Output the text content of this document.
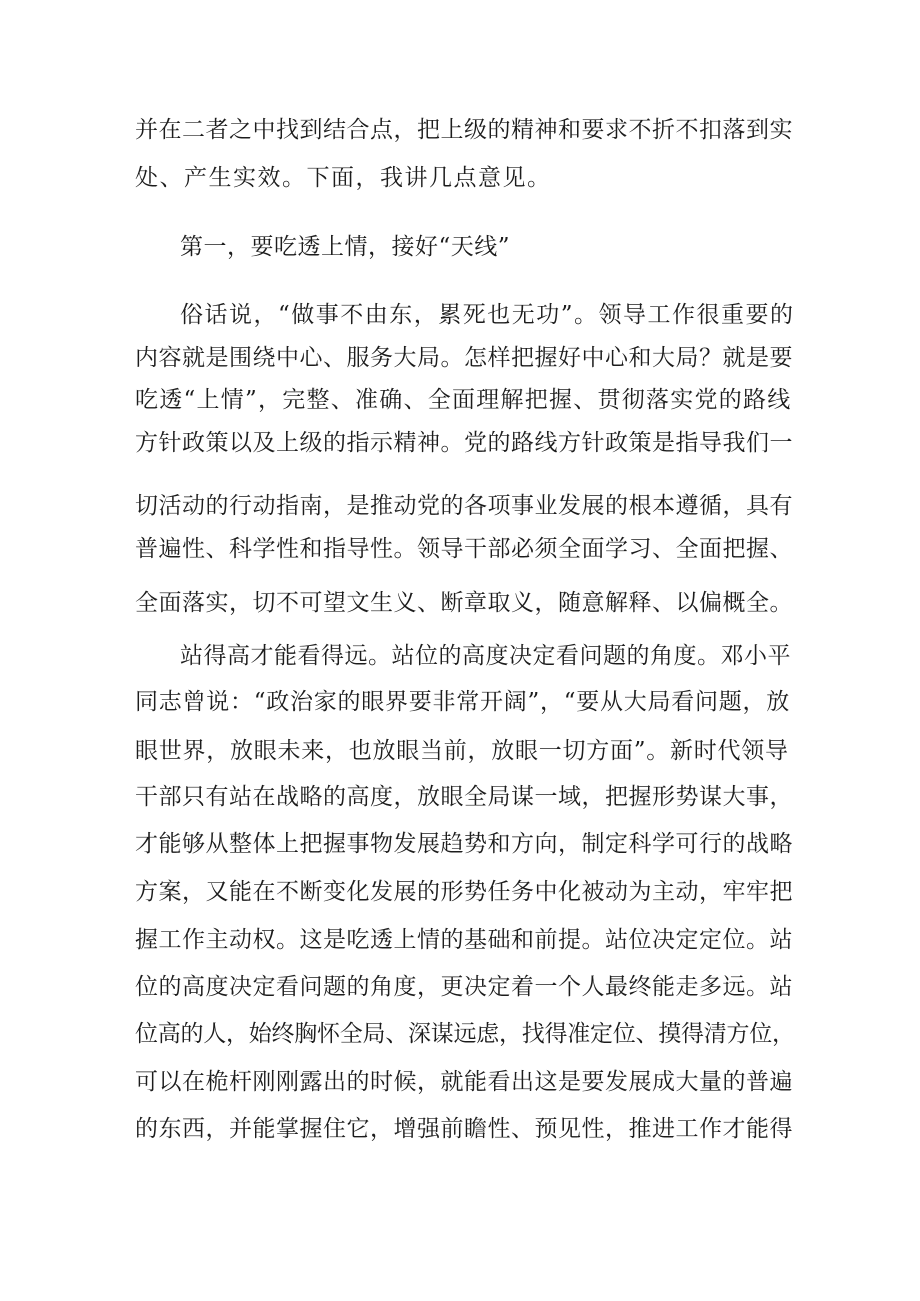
并在二者之中找到结合点，把上级的精神和要求不折不扣落到实

处、产生实效。下面，我讲几点意见。

第一，要吃透上情，接好“天线”

俗话说，“做事不由东，累死也无功”。领导工作很重要的

内容就是围绕中心、服务大局。怎样把握好中心和大局？就是要

吃透“上情”，完整、准确、全面理解把握、贯彻落实党的路线

方针政策以及上级的指示精神。党的路线方针政策是指导我们一

切活动的行动指南，是推动党的各项事业发展的根本遵循，具有

普遍性、科学性和指导性。领导干部必须全面学习、全面把握、

全面落实，切不可望文生义、断章取义，随意解释、以偏概全。

站得高才能看得远。站位的高度决定看问题的角度。邓小平

同志曾说：“政治家的眼界要非常开阔”，“要从大局看问题，放

眼世界，放眼未来，也放眼当前，放眼一切方面”。新时代领导

干部只有站在战略的高度，放眼全局谋一域，把握形势谋大事，

才能够从整体上把握事物发展趋势和方向，制定科学可行的战略

方案，又能在不断变化发展的形势任务中化被动为主动，牢牢把

握工作主动权。这是吃透上情的基础和前提。站位决定定位。站

位的高度决定看问题的角度，更决定着一个人最终能走多远。站

位高的人，始终胸怀全局、深谋远虑，找得准定位、摸得清方位，

可以在桅杆刚刚露出的时候，就能看出这是要发展成大量的普遍

的东西，并能掌握住它，增强前瞻性、预见性，推进工作才能得
